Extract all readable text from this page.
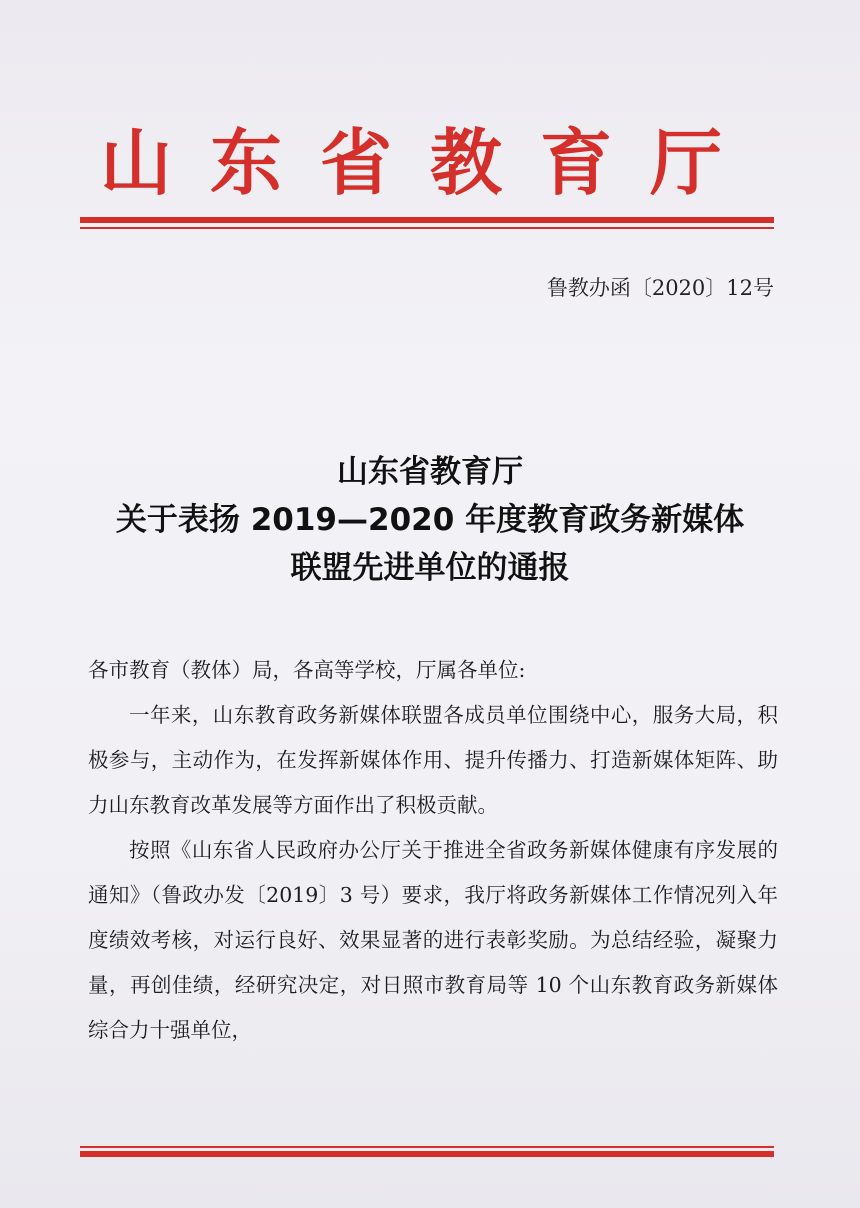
山东省教育厅
鲁教办函〔2020〕12号
山东省教育厅
关于表扬 2019—2020 年度教育政务新媒体
联盟先进单位的通报

各市教育（教体）局，各高等学校，厅属各单位:

一年来，山东教育政务新媒体联盟各成员单位围绕中心，服务大局，积极参与，主动作为，在发挥新媒体作用、提升传播力、打造新媒体矩阵、助力山东教育改革发展等方面作出了积极贡献。

按照《山东省人民政府办公厅关于推进全省政务新媒体健康有序发展的通知》（鲁政办发〔2019〕3 号）要求，我厅将政务新媒体工作情况列入年度绩效考核，对运行良好、效果显著的进行表彰奖励。为总结经验，凝聚力量，再创佳绩，经研究决定，对日照市教育局等 10 个山东教育政务新媒体综合力十强单位，
